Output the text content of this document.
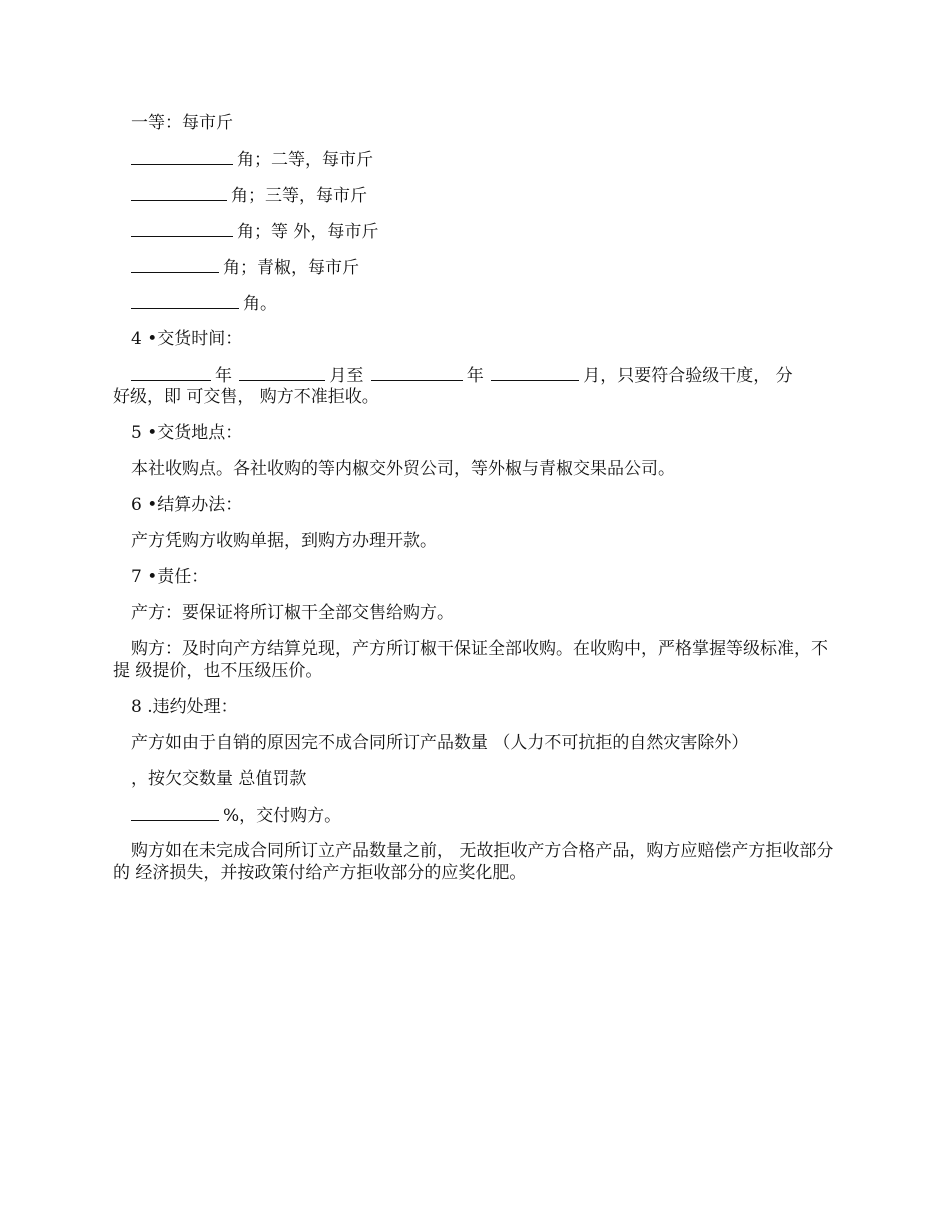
一等：每市斤
角；二等，每市斤
角；三等，每市斤
角；等 外，每市斤
角；青椒，每市斤
角。
4 •交货时间：
年	月至	年	月，只要符合验级干度， 分
好级，即 可交售， 购方不准拒收。
5 •交货地点：
本社收购点。各社收购的等内椒交外贸公司，等外椒与青椒交果品公司。
6 •结算办法：
产方凭购方收购单据，到购方办理开款。
7 •责任：
产方：要保证将所订椒干全部交售给购方。
购方：及时向产方结算兑现，产方所订椒干保证全部收购。在收购中，严格掌握等级标准，不提 级提价，也不压级压价。
8 .违约处理：
产方如由于自销的原因完不成合同所订产品数量 （人力不可抗拒的自然灾害除外）
，按欠交数量 总值罚款
%，交付购方。
购方如在未完成合同所订立产品数量之前， 无故拒收产方合格产品，购方应赔偿产方拒收部分的 经济损失，并按政策付给产方拒收部分的应奖化肥。
